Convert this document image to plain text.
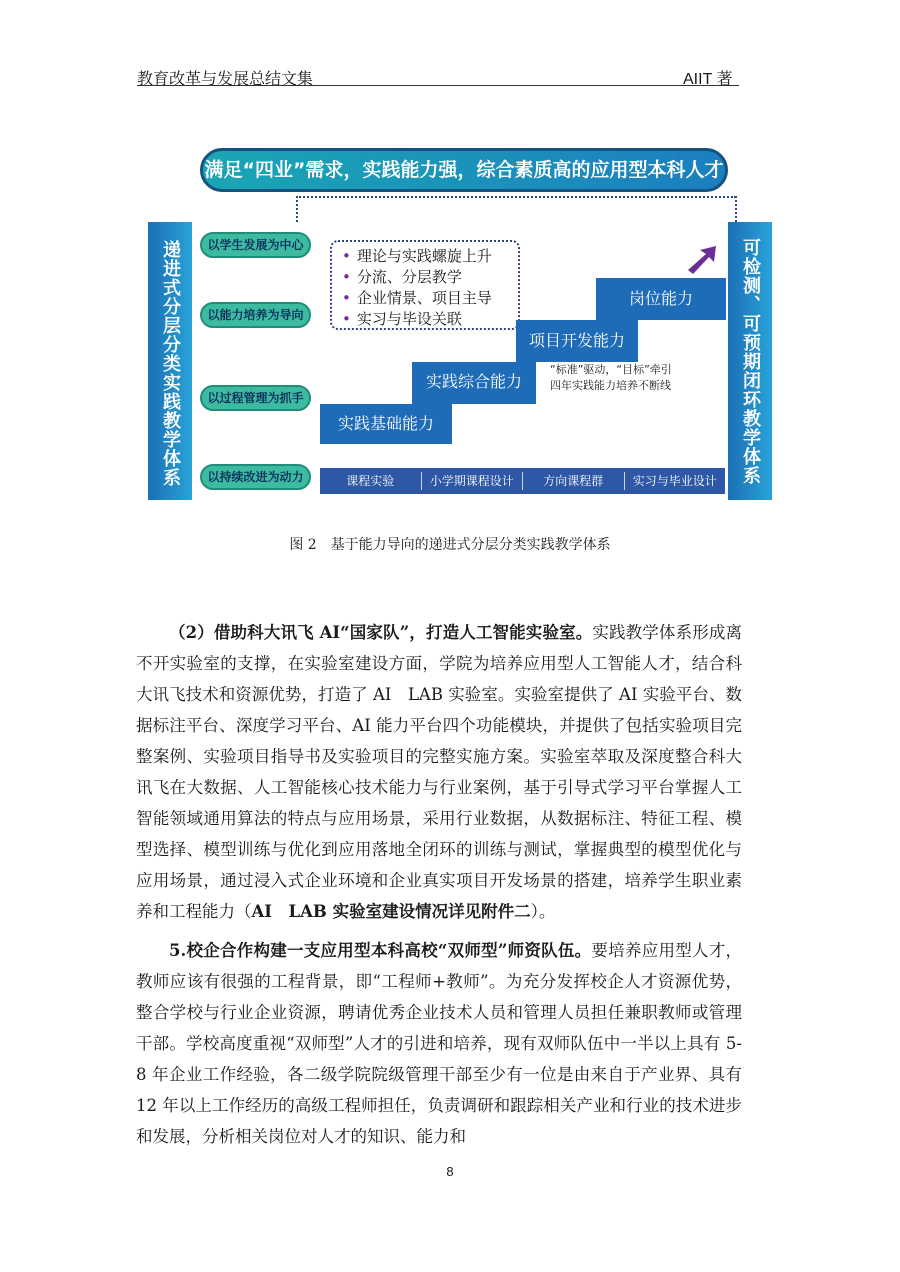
教育改革与发展总结文集	AIIT 著
满足“四业”需求，实践能力强，综合素质高的应用型本科人才
递进式分层分类实践教学体系	可检测、可预期闭环教学体系
以学生发展为中心
以能力培养为导向
以过程管理为抓手
以持续改进为动力
• 理论与实践螺旋上升
• 分流、分层教学
• 企业情景、项目主导
• 实习与毕设关联
实践基础能力
实践综合能力
项目开发能力
岗位能力
“标准”驱动，“目标”牵引
四年实践能力培养不断线
课程实验	小学期课程设计	方向课程群	实习与毕业设计
图 2　基于能力导向的递进式分层分类实践教学体系
（2）借助科大讯飞 AI“国家队”，打造人工智能实验室。实践教学体系形成离不开实验室的支撑，在实验室建设方面，学院为培养应用型人工智能人才，结合科大讯飞技术和资源优势，打造了 AI　LAB 实验室。实验室提供了 AI 实验平台、数据标注平台、深度学习平台、AI 能力平台四个功能模块，并提供了包括实验项目完整案例、实验项目指导书及实验项目的完整实施方案。实验室萃取及深度整合科大讯飞在大数据、人工智能核心技术能力与行业案例，基于引导式学习平台掌握人工智能领域通用算法的特点与应用场景，采用行业数据，从数据标注、特征工程、模型选择、模型训练与优化到应用落地全闭环的训练与测试，掌握典型的模型优化与应用场景，通过浸入式企业环境和企业真实项目开发场景的搭建，培养学生职业素养和工程能力（AI　LAB 实验室建设情况详见附件二）。
5.校企合作构建一支应用型本科高校“双师型”师资队伍。要培养应用型人才，教师应该有很强的工程背景，即“工程师+教师”。为充分发挥校企人才资源优势，整合学校与行业企业资源，聘请优秀企业技术人员和管理人员担任兼职教师或管理干部。学校高度重视“双师型”人才的引进和培养，现有双师队伍中一半以上具有 5-8 年企业工作经验，各二级学院院级管理干部至少有一位是由来自于产业界、具有 12 年以上工作经历的高级工程师担任，负责调研和跟踪相关产业和行业的技术进步和发展，分析相关岗位对人才的知识、能力和
8
